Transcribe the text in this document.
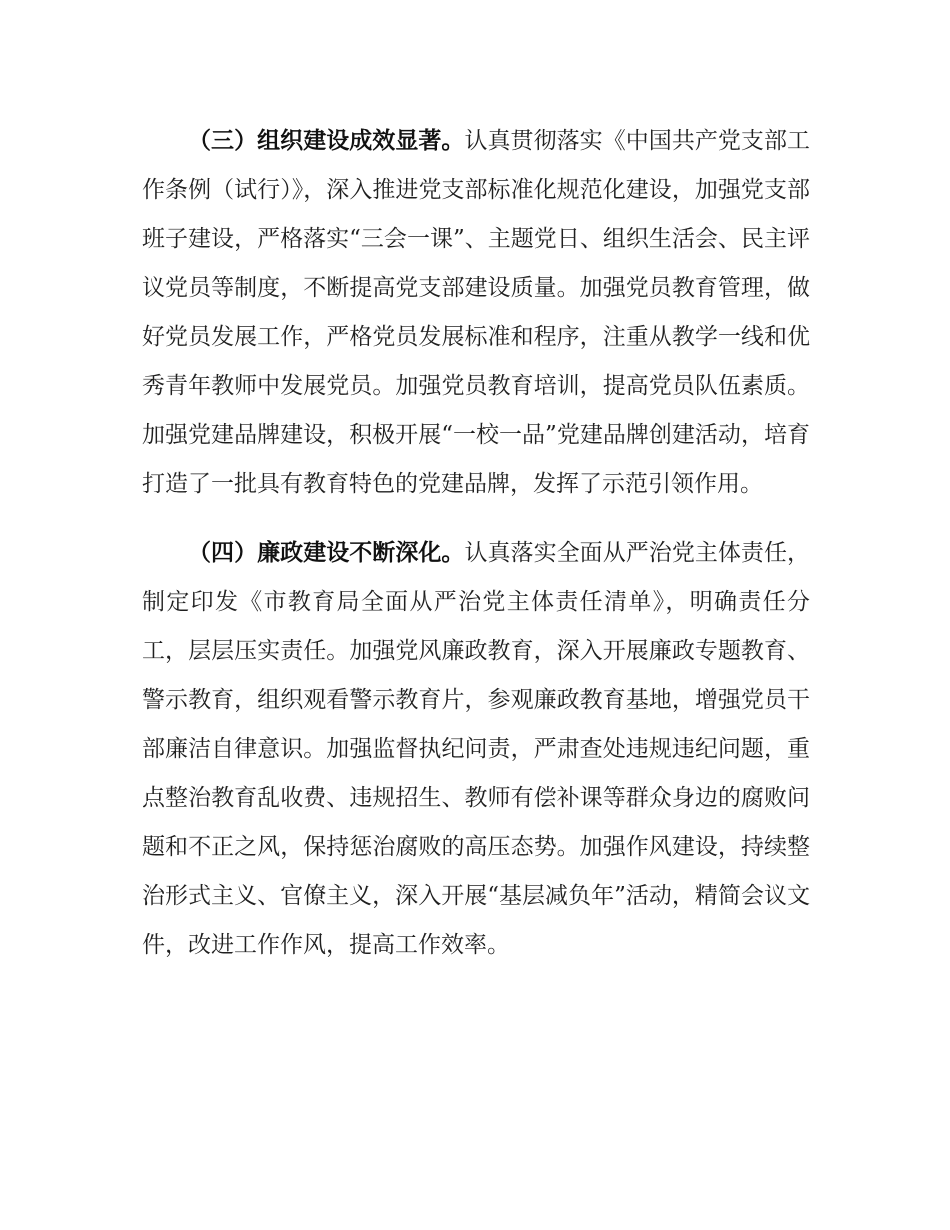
（三）组织建设成效显著。认真贯彻落实《中国共产党支部工作条例（试行）》，深入推进党支部标准化规范化建设，加强党支部班子建设，严格落实“三会一课”、主题党日、组织生活会、民主评议党员等制度，不断提高党支部建设质量。加强党员教育管理，做好党员发展工作，严格党员发展标准和程序，注重从教学一线和优秀青年教师中发展党员。加强党员教育培训，提高党员队伍素质。加强党建品牌建设，积极开展“一校一品”党建品牌创建活动，培育打造了一批具有教育特色的党建品牌，发挥了示范引领作用。

（四）廉政建设不断深化。认真落实全面从严治党主体责任，制定印发《市教育局全面从严治党主体责任清单》，明确责任分工，层层压实责任。加强党风廉政教育，深入开展廉政专题教育、警示教育，组织观看警示教育片，参观廉政教育基地，增强党员干部廉洁自律意识。加强监督执纪问责，严肃查处违规违纪问题，重点整治教育乱收费、违规招生、教师有偿补课等群众身边的腐败问题和不正之风，保持惩治腐败的高压态势。加强作风建设，持续整治形式主义、官僚主义，深入开展“基层减负年”活动，精简会议文件，改进工作作风，提高工作效率。
